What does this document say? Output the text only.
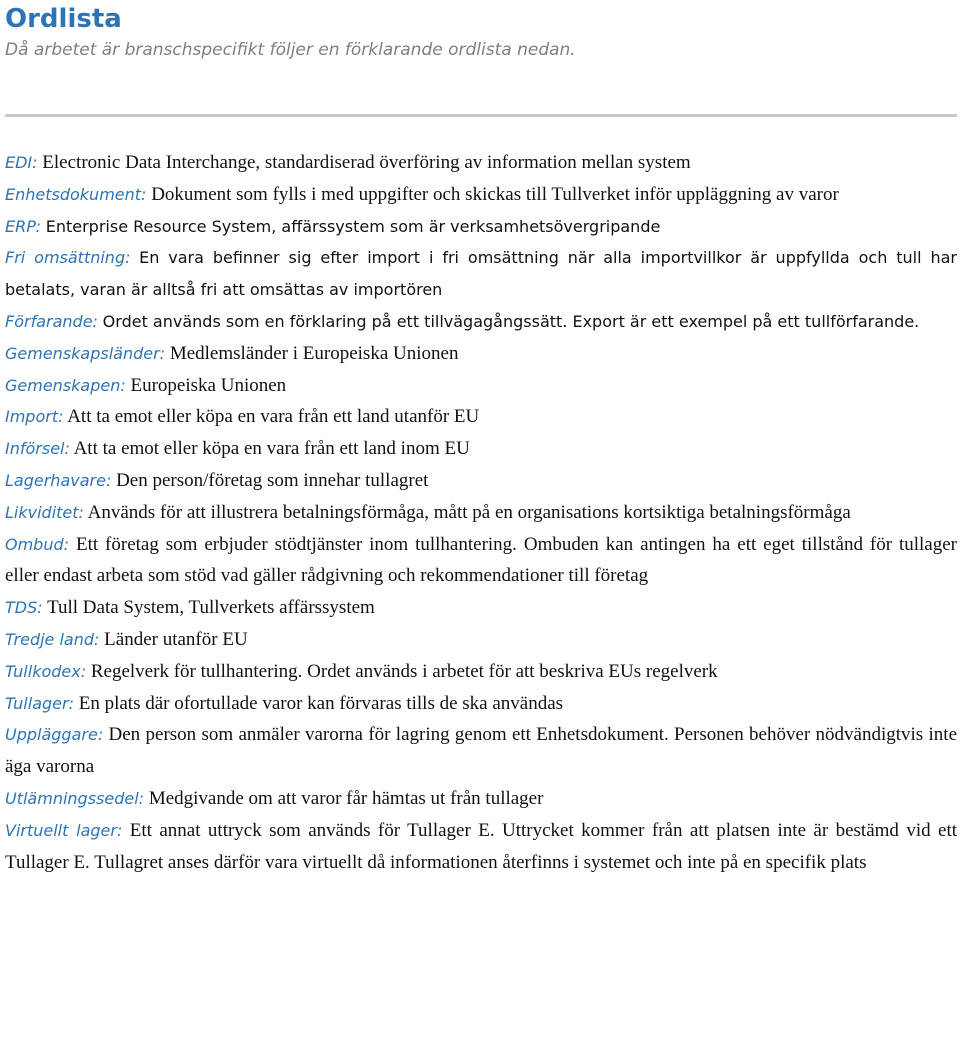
Ordlista

Då arbetet är branschspecifikt följer en förklarande ordlista nedan.

EDI: Electronic Data Interchange, standardiserad överföring av information mellan system

Enhetsdokument: Dokument som fylls i med uppgifter och skickas till Tullverket inför uppläggning av varor

ERP: Enterprise Resource System, affärssystem som är verksamhetsövergripande

Fri omsättning: En vara befinner sig efter import i fri omsättning när alla importvillkor är uppfyllda och tull har betalats, varan är alltså fri att omsättas av importören

Förfarande: Ordet används som en förklaring på ett tillvägagångssätt. Export är ett exempel på ett tullförfarande.

Gemenskapsländer: Medlemsländer i Europeiska Unionen

Gemenskapen: Europeiska Unionen

Import: Att ta emot eller köpa en vara från ett land utanför EU

Införsel: Att ta emot eller köpa en vara från ett land inom EU

Lagerhavare: Den person/företag som innehar tullagret

Likviditet: Används för att illustrera betalningsförmåga, mått på en organisations kortsiktiga betalningsförmåga

Ombud: Ett företag som erbjuder stödtjänster inom tullhantering. Ombuden kan antingen ha ett eget tillstånd för tullager eller endast arbeta som stöd vad gäller rådgivning och rekommendationer till företag

TDS: Tull Data System, Tullverkets affärssystem

Tredje land: Länder utanför EU

Tullkodex: Regelverk för tullhantering. Ordet används i arbetet för att beskriva EUs regelverk

Tullager: En plats där ofortullade varor kan förvaras tills de ska användas

Uppläggare: Den person som anmäler varorna för lagring genom ett Enhetsdokument. Personen behöver nödvändigtvis inte äga varorna

Utlämningssedel: Medgivande om att varor får hämtas ut från tullager

Virtuellt lager: Ett annat uttryck som används för Tullager E. Uttrycket kommer från att platsen inte är bestämd vid ett Tullager E. Tullagret anses därför vara virtuellt då informationen återfinns i systemet och inte på en specifik plats
